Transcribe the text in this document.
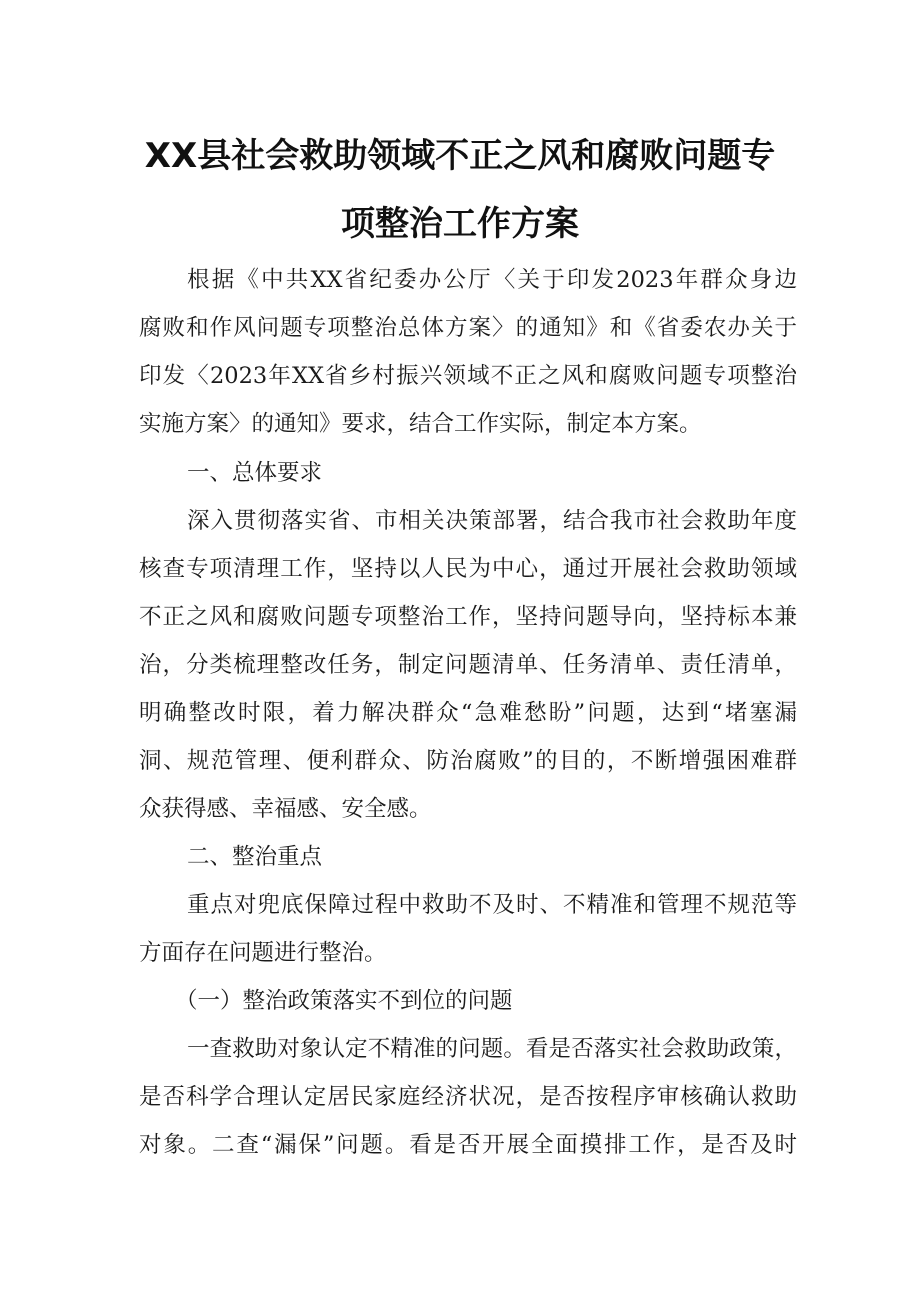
XX县社会救助领域不正之风和腐败问题专
项整治工作方案
根据《中共XX省纪委办公厅〈关于印发2023年群众身边
腐败和作风问题专项整治总体方案〉的通知》和《省委农办关于
印发〈2023年XX省乡村振兴领域不正之风和腐败问题专项整治
实施方案〉的通知》要求，结合工作实际，制定本方案。
一、总体要求
深入贯彻落实省、市相关决策部署，结合我市社会救助年度
核查专项清理工作，坚持以人民为中心，通过开展社会救助领域
不正之风和腐败问题专项整治工作，坚持问题导向，坚持标本兼
治，分类梳理整改任务，制定问题清单、任务清单、责任清单，
明确整改时限，着力解决群众“急难愁盼”问题，达到“堵塞漏
洞、规范管理、便利群众、防治腐败”的目的，不断增强困难群
众获得感、幸福感、安全感。
二、整治重点
重点对兜底保障过程中救助不及时、不精准和管理不规范等
方面存在问题进行整治。
（一）整治政策落实不到位的问题
一查救助对象认定不精准的问题。看是否落实社会救助政策，
是否科学合理认定居民家庭经济状况，是否按程序审核确认救助
对象。二查“漏保”问题。看是否开展全面摸排工作，是否及时
